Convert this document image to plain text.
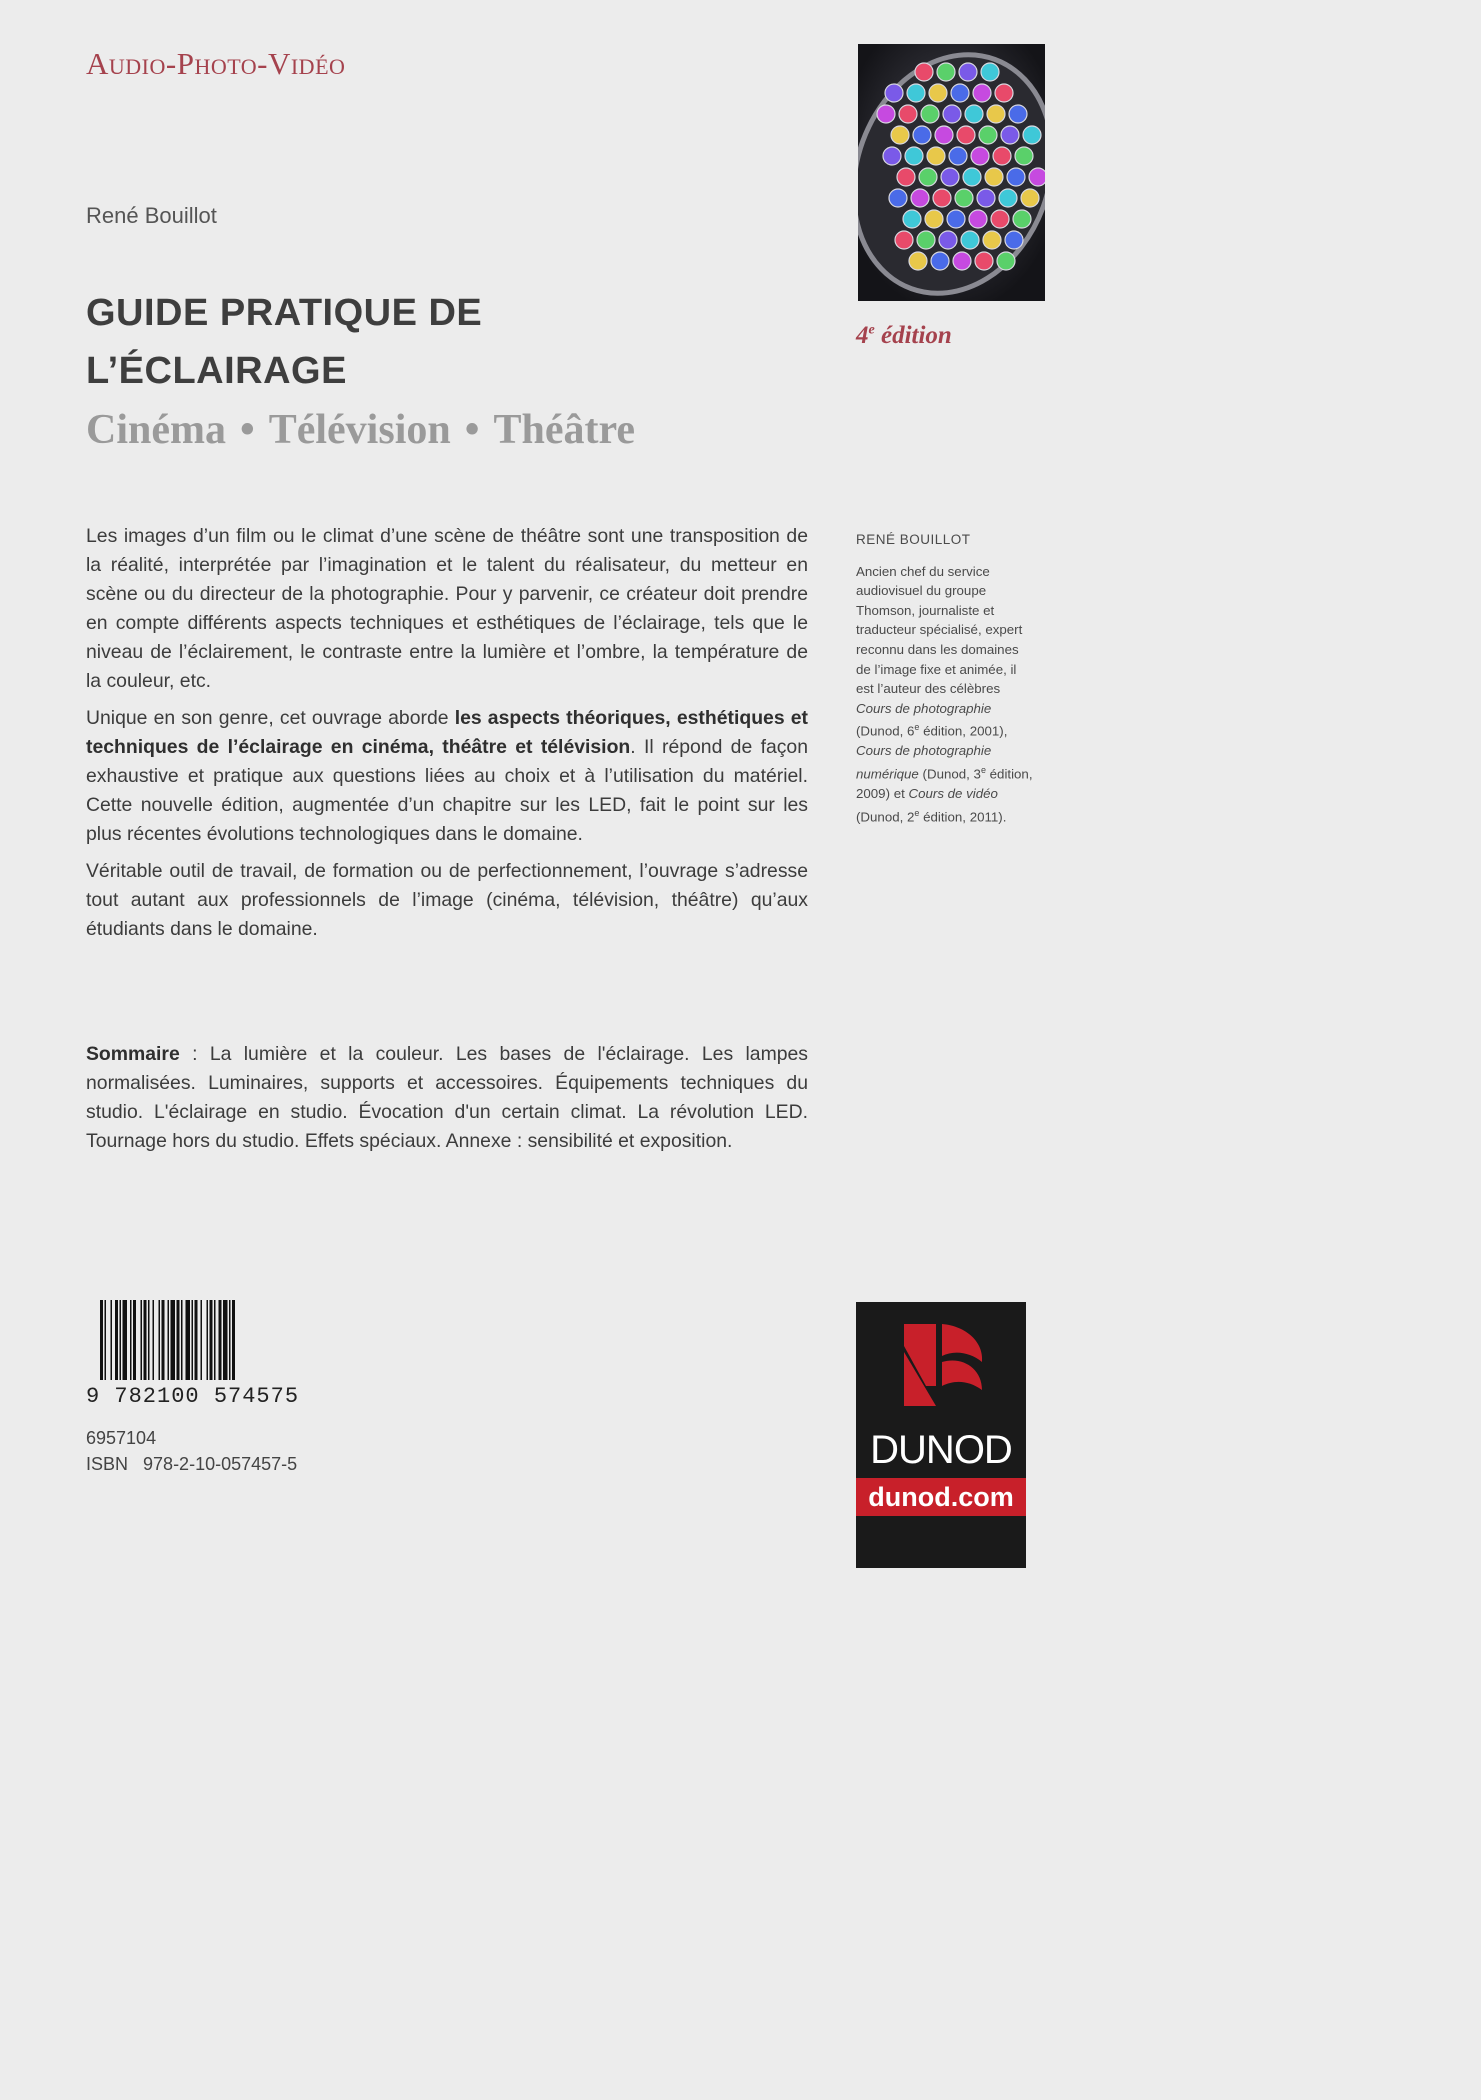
Audio-Photo-Vidéo
René Bouillot
GUIDE PRATIQUE DE
L’ÉCLAIRAGE
Cinéma • Télévision • Théâtre
4e édition

Les images d’un film ou le climat d’une scène de théâtre sont une transposition de la réalité, interprétée par l’imagination et le talent du réalisateur, du metteur en scène ou du directeur de la photographie. Pour y parvenir, ce créateur doit prendre en compte différents aspects techniques et esthétiques de l’éclairage, tels que le niveau de l’éclairement, le contraste entre la lumière et l’ombre, la température de la couleur, etc.

Unique en son genre, cet ouvrage aborde les aspects théoriques, esthétiques et techniques de l’éclairage en cinéma, théâtre et télévision. Il répond de façon exhaustive et pratique aux questions liées au choix et à l’utilisation du matériel. Cette nouvelle édition, augmentée d’un chapitre sur les LED, fait le point sur les plus récentes évolutions technologiques dans le domaine.

Véritable outil de travail, de formation ou de perfectionnement, l’ouvrage s’adresse tout autant aux professionnels de l’image (cinéma, télévision, théâtre) qu’aux étudiants dans le domaine.

RENÉ BOUILLOT
Ancien chef du service audiovisuel du groupe Thomson, journaliste et traducteur spécialisé, expert reconnu dans les domaines de l’image fixe et animée, il est l’auteur des célèbres Cours de photographie (Dunod, 6e édition, 2001), Cours de photographie numérique (Dunod, 3e édition, 2009) et Cours de vidéo (Dunod, 2e édition, 2011).
Sommaire : La lumière et la couleur. Les bases de l'éclairage. Les lampes normalisées. Luminaires, supports et accessoires. Équipements techniques du studio. L'éclairage en studio. Évocation d'un certain climat. La révolution LED. Tournage hors du studio. Effets spéciaux. Annexe : sensibilité et exposition.
9 782100 574575
6957104
ISBN 978-2-10-057457-5	DUNOD
dunod.com
